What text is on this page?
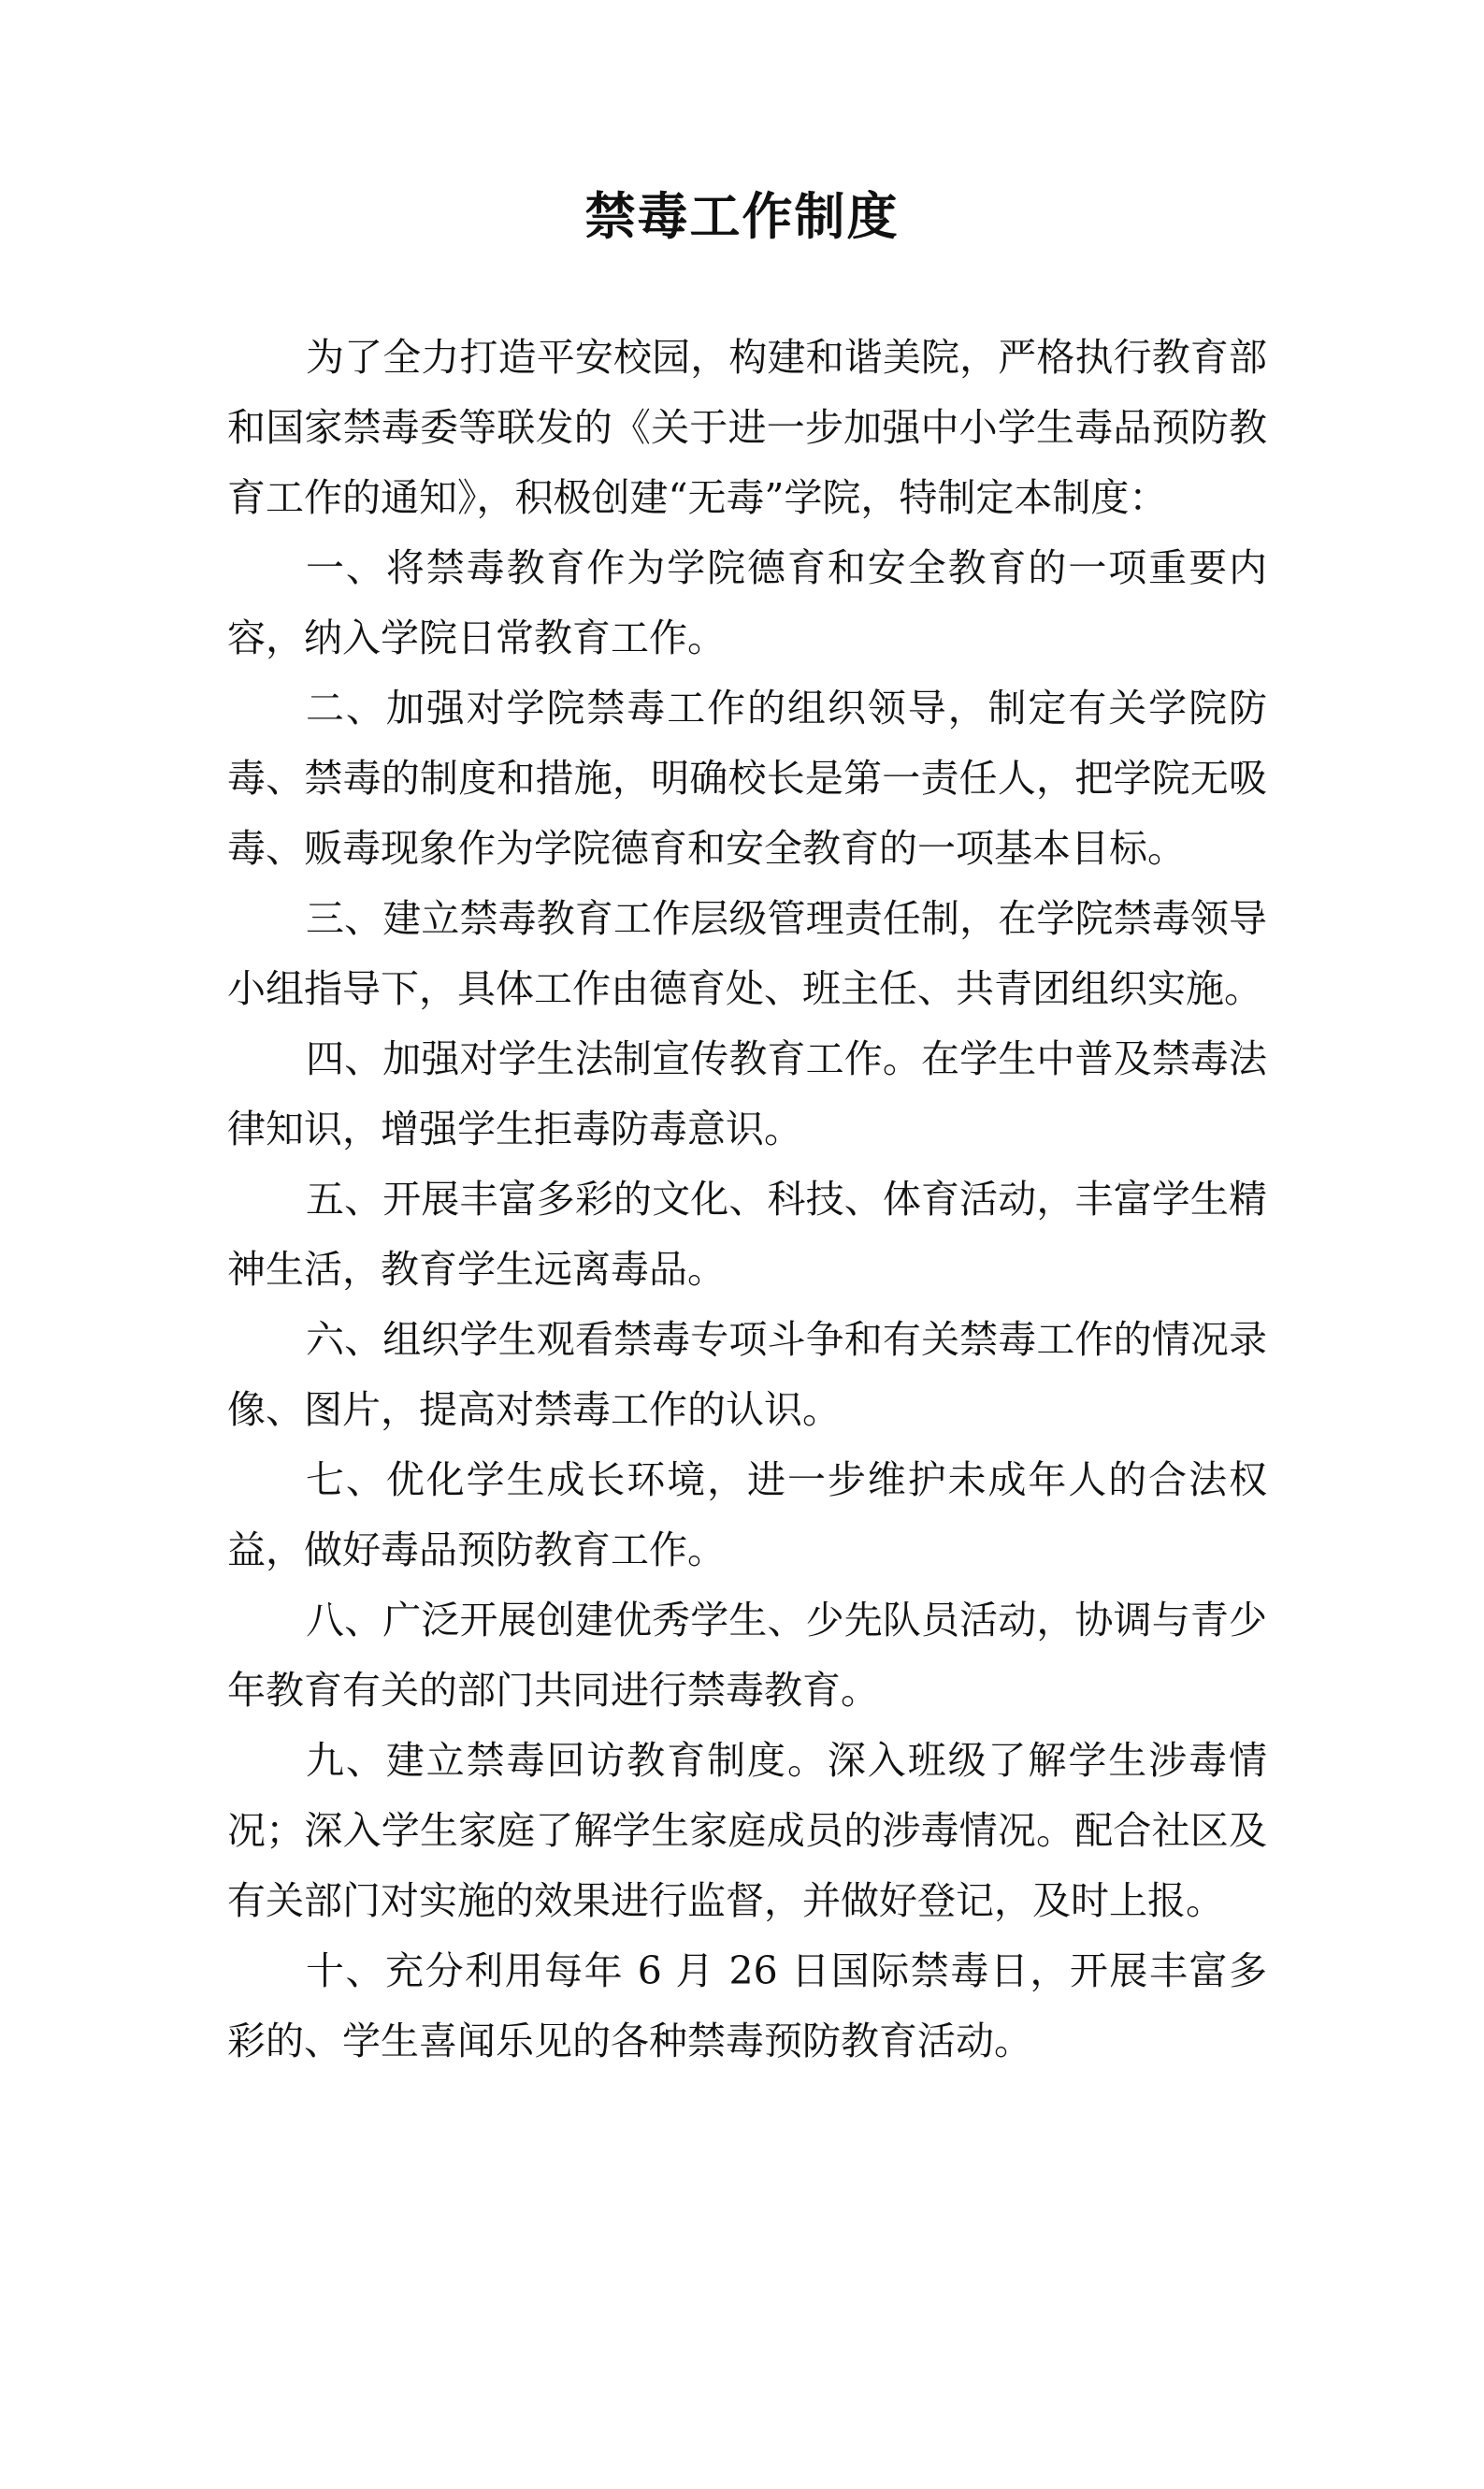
禁毒工作制度

为了全力打造平安校园，构建和谐美院，严格执行教育部和国家禁毒委等联发的《关于进一步加强中小学生毒品预防教育工作的通知》，积极创建“无毒”学院，特制定本制度：

一、将禁毒教育作为学院德育和安全教育的一项重要内容，纳入学院日常教育工作。

二、加强对学院禁毒工作的组织领导，制定有关学院防毒、禁毒的制度和措施，明确校长是第一责任人，把学院无吸毒、贩毒现象作为学院德育和安全教育的一项基本目标。

三、建立禁毒教育工作层级管理责任制，在学院禁毒领导小组指导下，具体工作由德育处、班主任、共青团组织实施。

四、加强对学生法制宣传教育工作。在学生中普及禁毒法律知识，增强学生拒毒防毒意识。

五、开展丰富多彩的文化、科技、体育活动，丰富学生精神生活，教育学生远离毒品。

六、组织学生观看禁毒专项斗争和有关禁毒工作的情况录像、图片，提高对禁毒工作的认识。

七、优化学生成长环境，进一步维护未成年人的合法权益，做好毒品预防教育工作。

八、广泛开展创建优秀学生、少先队员活动，协调与青少年教育有关的部门共同进行禁毒教育。

九、建立禁毒回访教育制度。深入班级了解学生涉毒情况；深入学生家庭了解学生家庭成员的涉毒情况。配合社区及有关部门对实施的效果进行监督，并做好登记，及时上报。

十、充分利用每年 6 月 26 日国际禁毒日，开展丰富多彩的、学生喜闻乐见的各种禁毒预防教育活动。
